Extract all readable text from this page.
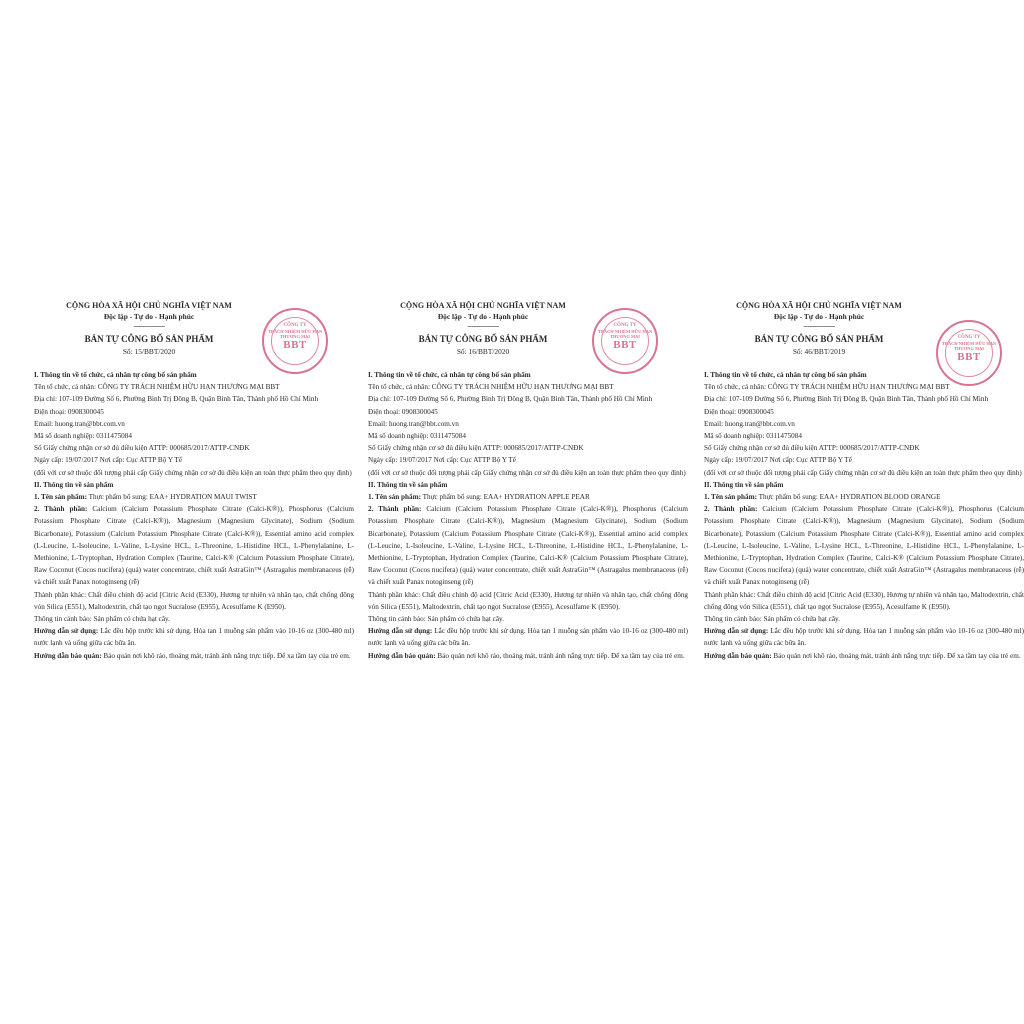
CỘNG HÒA XÃ HỘI CHỦ NGHĨA VIỆT NAM
Độc lập - Tự do - Hạnh phúc
-----------------
BẢN TỰ CÔNG BỐ SẢN PHẨM
Số: 15/BBT/2020
CÔNG TY
TRÁCH NHIỆM HỮU HẠN
THƯƠNG MẠI
BBT

I. Thông tin về tổ chức, cá nhân tự công bố sản phẩm

Tên tổ chức, cá nhân: CÔNG TY TRÁCH NHIỆM HỮU HẠN THƯƠNG MẠI BBT

Địa chỉ: 107-109 Đường Số 6, Phường Bình Trị Đông B, Quận Bình Tân, Thành phố Hồ Chí Minh

Điện thoại: 0908300045

Email: huong.tran@bbt.com.vn

Mã số doanh nghiệp: 0311475084

Số Giấy chứng nhận cơ sở đủ điều kiện ATTP: 000685/2017/ATTP-CNĐK

Ngày cấp: 19/07/2017 Nơi cấp: Cục ATTP Bộ Y Tế

(đối với cơ sở thuộc đối tượng phải cấp Giấy chứng nhận cơ sở đủ điều kiện an toàn thực phẩm theo quy định)

II. Thông tin về sản phẩm

1. Tên sản phẩm: Thực phẩm bổ sung: EAA+ HYDRATION MAUI TWIST

2. Thành phần: Calcium (Calcium Potassium Phosphate Citrate (Calci-K®)), Phosphorus (Calcium Potassium Phosphate Citrate (Calci-K®)), Magnesium (Magnesium Glycinate), Sodium (Sodium Bicarbonate), Potassium (Calcium Potassium Phosphate Citrate (Calci-K®)), Essential amino acid complex (L-Leucine, L-Isoleucine, L-Valine, L-Lysine HCL, L-Threonine, L-Histidine HCL, L-Phenylalanine, L-Methionine, L-Tryptophan, Hydration Complex (Taurine, Calci-K® (Calcium Potassium Phosphate Citrate), Raw Coconut (Cocos nucifera) (quả) water concentrate, chiết xuất AstraGin™ (Astragalus membranaceus (rễ) và chiết xuất Panax notoginseng (rễ)

Thành phần khác: Chất điều chỉnh độ acid [Citric Acid (E330), Hương tự nhiên và nhân tạo, chất chống đông vón Silica (E551), Maltodextrin, chất tạo ngọt Sucralose (E955), Acesulfame K (E950).

Thông tin cảnh báo: Sản phẩm có chứa hạt cây.

Hướng dẫn sử dụng: Lắc đều hộp trước khi sử dụng. Hòa tan 1 muỗng sản phẩm vào 10-16 oz (300-480 ml) nước lạnh và uống giữa các bữa ăn.

Hướng dẫn bảo quản: Bảo quản nơi khô ráo, thoáng mát, tránh ánh nắng trực tiếp. Để xa tầm tay của trẻ em.

CỘNG HÒA XÃ HỘI CHỦ NGHĨA VIỆT NAM
Độc lập - Tự do - Hạnh phúc
-----------------
BẢN TỰ CÔNG BỐ SẢN PHẨM
Số: 16/BBT/2020
CÔNG TY
TRÁCH NHIỆM HỮU HẠN
THƯƠNG MẠI
BBT

I. Thông tin về tổ chức, cá nhân tự công bố sản phẩm

Tên tổ chức, cá nhân: CÔNG TY TRÁCH NHIỆM HỮU HẠN THƯƠNG MẠI BBT

Địa chỉ: 107-109 Đường Số 6, Phường Bình Trị Đông B, Quận Bình Tân, Thành phố Hồ Chí Minh

Điện thoại: 0908300045

Email: huong.tran@bbt.com.vn

Mã số doanh nghiệp: 0311475084

Số Giấy chứng nhận cơ sở đủ điều kiện ATTP: 000685/2017/ATTP-CNĐK

Ngày cấp: 19/07/2017 Nơi cấp: Cục ATTP Bộ Y Tế

(đối với cơ sở thuộc đối tượng phải cấp Giấy chứng nhận cơ sở đủ điều kiện an toàn thực phẩm theo quy định)

II. Thông tin về sản phẩm

1. Tên sản phẩm: Thực phẩm bổ sung: EAA+ HYDRATION APPLE PEAR

2. Thành phần: Calcium (Calcium Potassium Phosphate Citrate (Calci-K®)), Phosphorus (Calcium Potassium Phosphate Citrate (Calci-K®)), Magnesium (Magnesium Glycinate), Sodium (Sodium Bicarbonate), Potassium (Calcium Potassium Phosphate Citrate (Calci-K®)), Essential amino acid complex (L-Leucine, L-Isoleucine, L-Valine, L-Lysine HCL, L-Threonine, L-Histidine HCL, L-Phenylalanine, L-Methionine, L-Tryptophan, Hydration Complex (Taurine, Calci-K® (Calcium Potassium Phosphate Citrate), Raw Coconut (Cocos nucifera) (quả) water concentrate, chiết xuất AstraGin™ (Astragalus membranaceus (rễ) và chiết xuất Panax notoginseng (rễ)

Thành phần khác: Chất điều chỉnh độ acid [Citric Acid (E330), Hương tự nhiên và nhân tạo, chất chống đông vón Silica (E551), Maltodextrin, chất tạo ngọt Sucralose (E955), Acesulfame K (E950).

Thông tin cảnh báo: Sản phẩm có chứa hạt cây.

Hướng dẫn sử dụng: Lắc đều hộp trước khi sử dụng. Hòa tan 1 muỗng sản phẩm vào 10-16 oz (300-480 ml) nước lạnh và uống giữa các bữa ăn.

Hướng dẫn bảo quản: Bảo quản nơi khô ráo, thoáng mát, tránh ánh nắng trực tiếp. Để xa tầm tay của trẻ em.

CỘNG HÒA XÃ HỘI CHỦ NGHĨA VIỆT NAM
Độc lập - Tự do - Hạnh phúc
-----------------
BẢN TỰ CÔNG BỐ SẢN PHẨM
Số: 46/BBT/2019
CÔNG TY
TRÁCH NHIỆM HỮU HẠN
THƯƠNG MẠI
BBT

I. Thông tin về tổ chức, cá nhân tự công bố sản phẩm

Tên tổ chức, cá nhân: CÔNG TY TRÁCH NHIỆM HỮU HẠN THƯƠNG MẠI BBT

Địa chỉ: 107-109 Đường Số 6, Phường Bình Trị Đông B, Quận Bình Tân, Thành phố Hồ Chí Minh

Điện thoại: 0908300045

Email: huong.tran@bbt.com.vn

Mã số doanh nghiệp: 0311475084

Số Giấy chứng nhận cơ sở đủ điều kiện ATTP: 000685/2017/ATTP-CNĐK

Ngày cấp: 19/07/2017 Nơi cấp: Cục ATTP Bộ Y Tế

(đối với cơ sở thuộc đối tượng phải cấp Giấy chứng nhận cơ sở đủ điều kiện an toàn thực phẩm theo quy định)

II. Thông tin về sản phẩm

1. Tên sản phẩm: Thực phẩm bổ sung: EAA+ HYDRATION BLOOD ORANGE

2. Thành phần: Calcium (Calcium Potassium Phosphate Citrate (Calci-K®)), Phosphorus (Calcium Potassium Phosphate Citrate (Calci-K®)), Magnesium (Magnesium Glycinate), Sodium (Sodium Bicarbonate), Potassium (Calcium Potassium Phosphate Citrate (Calci-K®)), Essential amino acid complex (L-Leucine, L-Isoleucine, L-Valine, L-Lysine HCL, L-Threonine, L-Histidine HCL, L-Phenylalanine, L-Methionine, L-Tryptophan, Hydration Complex (Taurine, Calci-K® (Calcium Potassium Phosphate Citrate), Raw Coconut (Cocos nucifera) (quả) water concentrate, chiết xuất AstraGin™ (Astragalus membranaceus (rễ) và chiết xuất Panax notoginseng (rễ)

Thành phần khác: Chất điều chỉnh độ acid [Citric Acid (E330), Hương tự nhiên và nhân tạo, Maltodextrin, chất chống đông vón Silica (E551), chất tạo ngọt Sucralose (E955), Acesulfame K (E950).

Thông tin cảnh báo: Sản phẩm có chứa hạt cây.

Hướng dẫn sử dụng: Lắc đều hộp trước khi sử dụng. Hòa tan 1 muỗng sản phẩm vào 10-16 oz (300-480 ml) nước lạnh và uống giữa các bữa ăn.

Hướng dẫn bảo quản: Bảo quản nơi khô ráo, thoáng mát, tránh ánh nắng trực tiếp. Để xa tầm tay của trẻ em.
